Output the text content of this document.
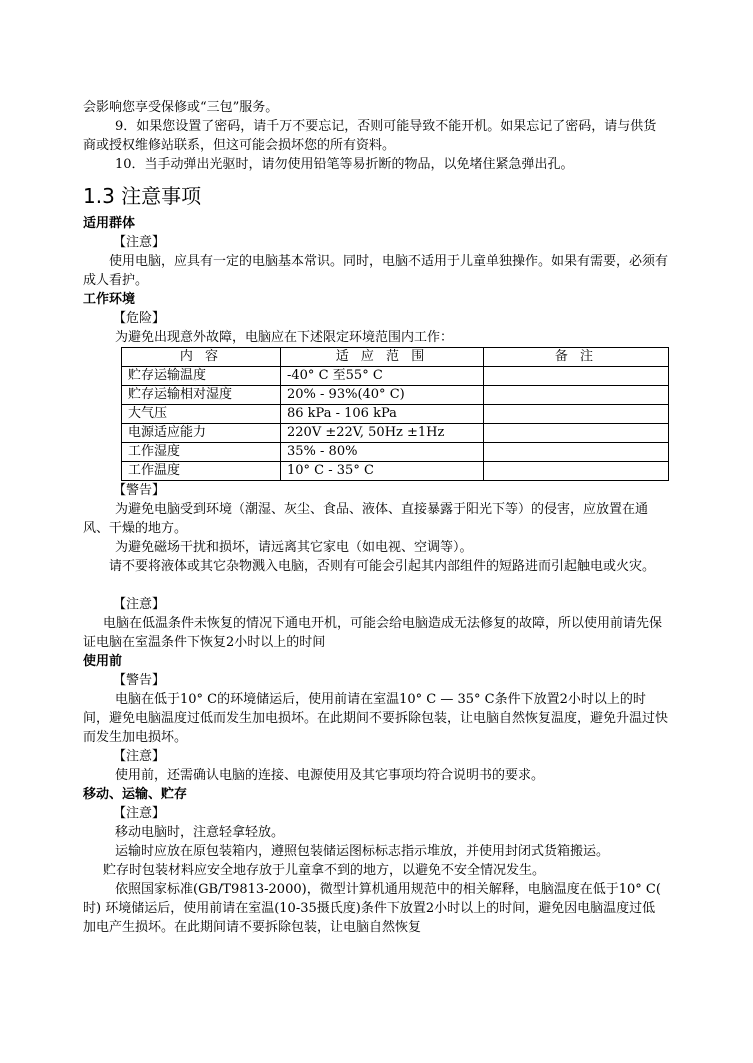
会影响您享受保修或“三包”服务。

9．如果您设置了密码，请千万不要忘记，否则可能导致不能开机。如果忘记了密码，请与供货商或授权维修站联系，但这可能会损坏您的所有资料。

10．当手动弹出光驱时，请勿使用铅笔等易折断的物品，以免堵住紧急弹出孔。

1.3 注意事项
适用群体

【注意】

使用电脑，应具有一定的电脑基本常识。同时，电脑不适用于儿童单独操作。如果有需要，必须有成人看护。

工作环境

【危险】

为避免出现意外故障，电脑应在下述限定环境范围内工作：

内 容	适 应 范 围	备 注
贮存运输温度	-40° C 至55° C	
贮存运输相对湿度	20% - 93%(40° C)	
大气压	86 kPa - 106 kPa	
电源适应能力	220V ±22V, 50Hz ±1Hz	
工作湿度	35% - 80%	
工作温度	10° C - 35° C	

【警告】

为避免电脑受到环境（潮湿、灰尘、食品、液体、直接暴露于阳光下等）的侵害，应放置在通风、干燥的地方。

为避免磁场干扰和损坏，请远离其它家电（如电视、空调等）。

请不要将液体或其它杂物溅入电脑，否则有可能会引起其内部组件的短路进而引起触电或火灾。

【注意】

电脑在低温条件未恢复的情况下通电开机，可能会给电脑造成无法修复的故障，所以使用前请先保证电脑在室温条件下恢复2小时以上的时间

使用前

【警告】

电脑在低于10° C的环境储运后，使用前请在室温10° C — 35° C条件下放置2小时以上的时间，避免电脑温度过低而发生加电损坏。在此期间不要拆除包装，让电脑自然恢复温度，避免升温过快而发生加电损坏。

【注意】

使用前，还需确认电脑的连接、电源使用及其它事项均符合说明书的要求。

移动、运输、贮存

【注意】

移动电脑时，注意轻拿轻放。

运输时应放在原包装箱内，遵照包装储运图标标志指示堆放，并使用封闭式货箱搬运。

贮存时包装材料应安全地存放于儿童拿不到的地方，以避免不安全情况发生。

依照国家标准(GB/T9813-2000)，微型计算机通用规范中的相关解释，电脑温度在低于10° C( 时) 环境储运后，使用前请在室温(10-35摄氏度)条件下放置2小时以上的时间，避免因电脑温度过低加电产生损坏。在此期间请不要拆除包装，让电脑自然恢复
